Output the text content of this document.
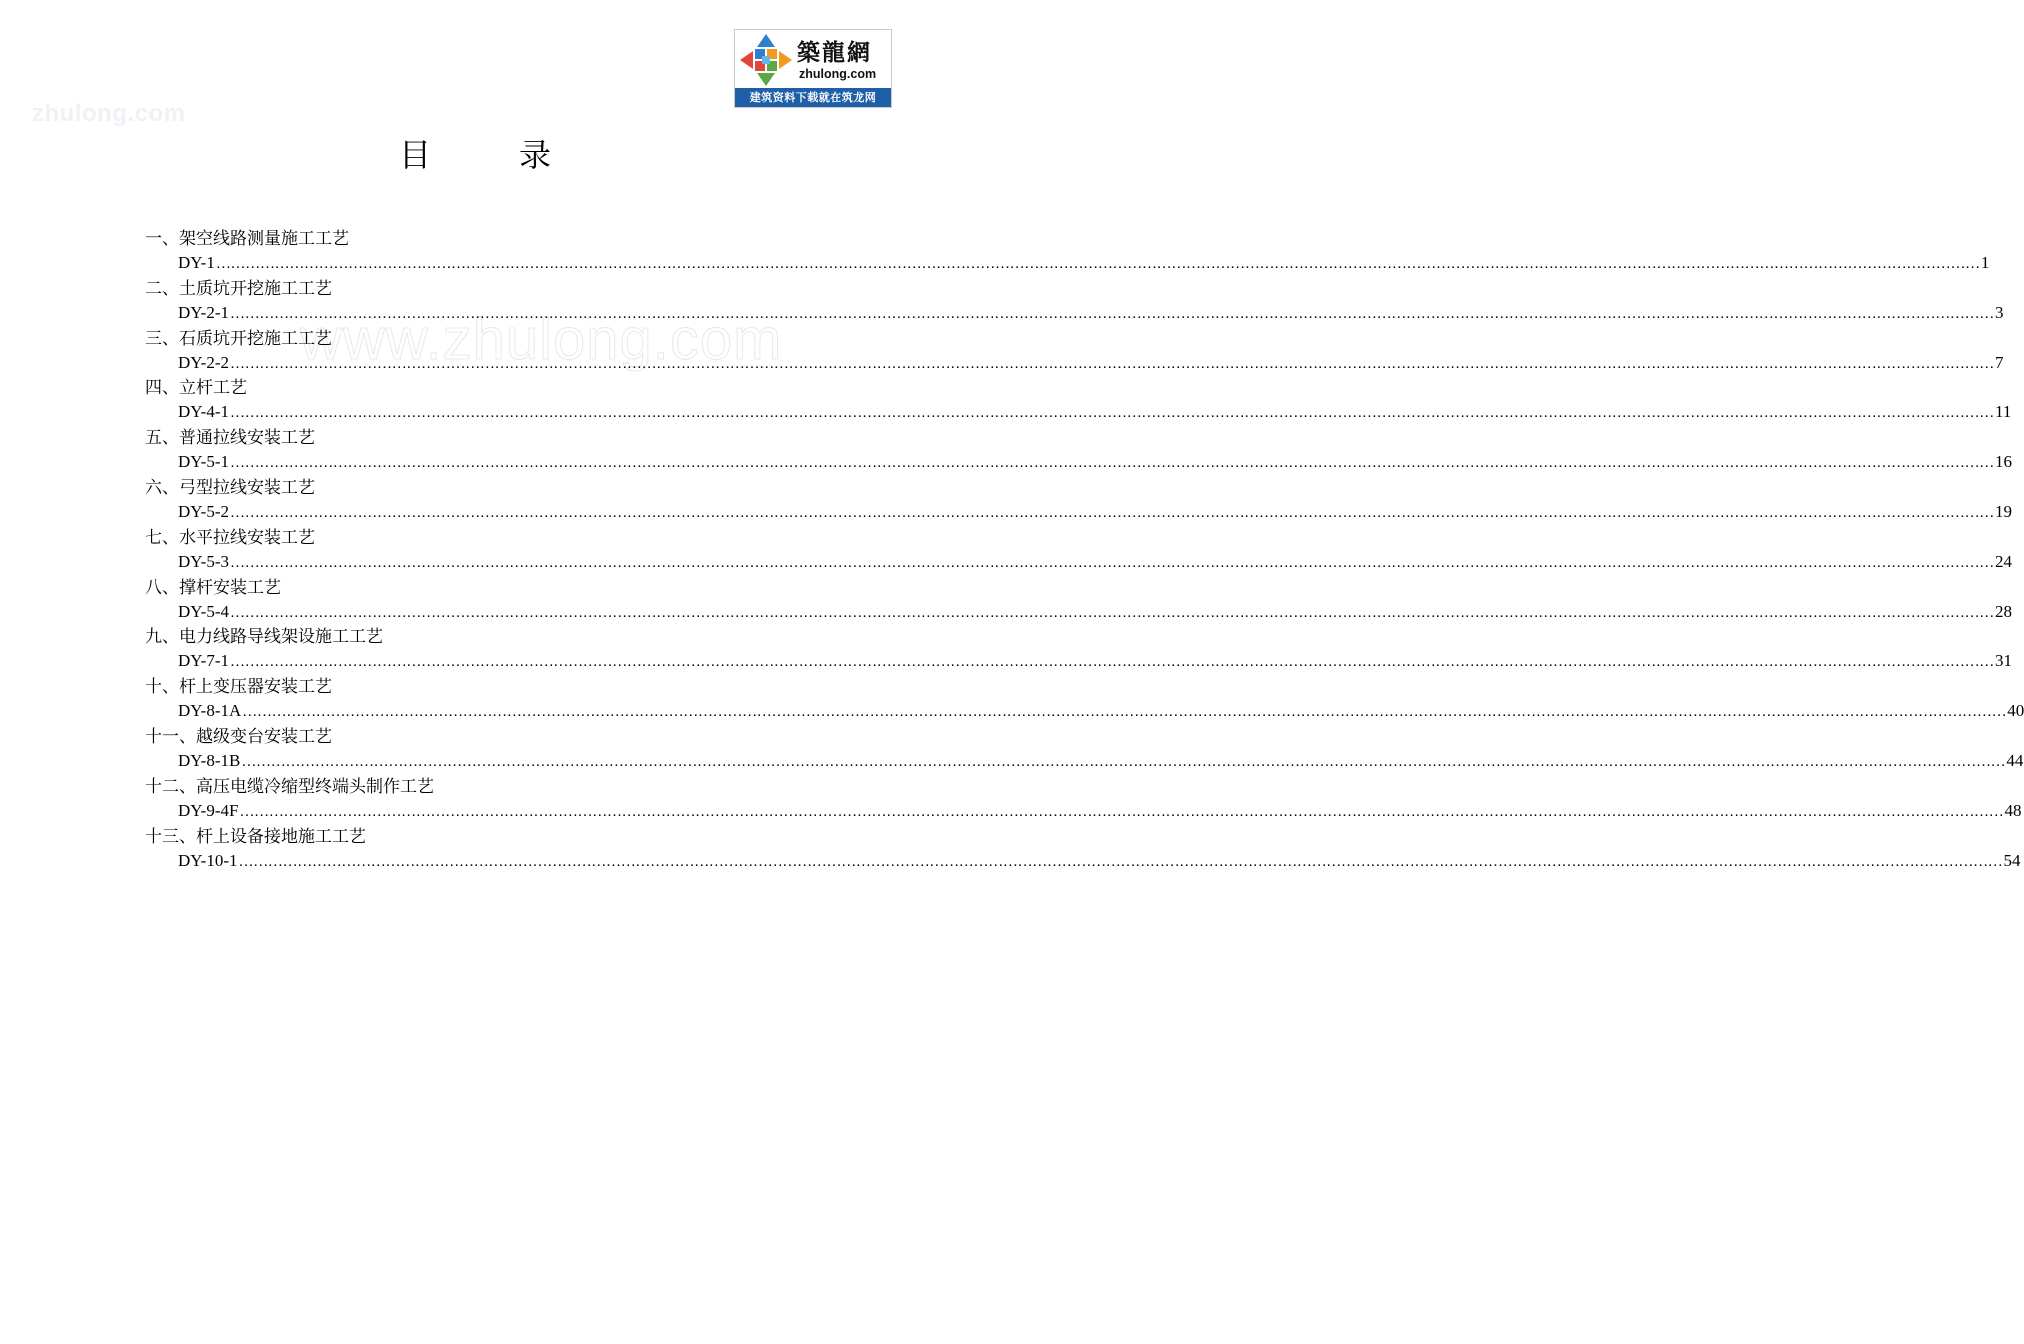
zhulong.com
www.zhulong.com
築龍網
zhulong.com
建筑资料下载就在筑龙网
目	录
一、架空线路测量施工工艺
DY-1 ……………………………………………………………………………………………………………………………………………………………………………………………………………………………………………………………………………………………………………………………… 1
二、土质坑开挖施工工艺
DY-2-1 ……………………………………………………………………………………………………………………………………………………………………………………………………………………………………………………………………………………………………………………………… 3
三、石质坑开挖施工工艺
DY-2-2 ……………………………………………………………………………………………………………………………………………………………………………………………………………………………………………………………………………………………………………………………… 7
四、立杆工艺
DY-4-1 ……………………………………………………………………………………………………………………………………………………………………………………………………………………………………………………………………………………………………………………………… 11
五、普通拉线安装工艺
DY-5-1 ……………………………………………………………………………………………………………………………………………………………………………………………………………………………………………………………………………………………………………………………… 16
六、弓型拉线安装工艺
DY-5-2 ……………………………………………………………………………………………………………………………………………………………………………………………………………………………………………………………………………………………………………………………… 19
七、水平拉线安装工艺
DY-5-3 ……………………………………………………………………………………………………………………………………………………………………………………………………………………………………………………………………………………………………………………………… 24
八、撑杆安装工艺
DY-5-4 ……………………………………………………………………………………………………………………………………………………………………………………………………………………………………………………………………………………………………………………………… 28
九、电力线路导线架设施工工艺
DY-7-1 ……………………………………………………………………………………………………………………………………………………………………………………………………………………………………………………………………………………………………………………………… 31
十、杆上变压器安装工艺
DY-8-1A ……………………………………………………………………………………………………………………………………………………………………………………………………………………………………………………………………………………………………………………………… 40
十一、越级变台安装工艺
DY-8-1B ……………………………………………………………………………………………………………………………………………………………………………………………………………………………………………………………………………………………………………………………… 44
十二、高压电缆冷缩型终端头制作工艺
DY-9-4F ……………………………………………………………………………………………………………………………………………………………………………………………………………………………………………………………………………………………………………………………… 48
十三、杆上设备接地施工工艺
DY-10-1 ……………………………………………………………………………………………………………………………………………………………………………………………………………………………………………………………………………………………………………………………… 54
